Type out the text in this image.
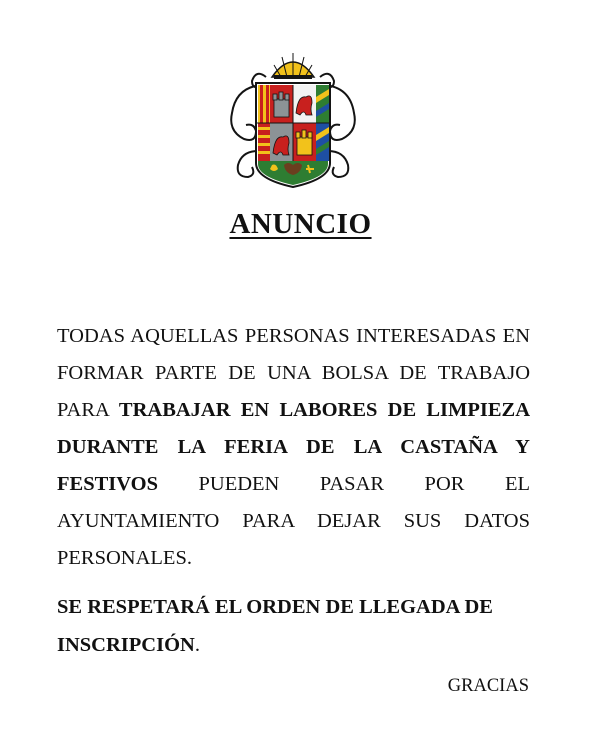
ANUNCIO

TODAS AQUELLAS PERSONAS INTERESADAS EN FORMAR PARTE DE UNA BOLSA DE TRABAJO PARA TRABAJAR EN LABORES DE LIMPIEZA DURANTE LA FERIA DE LA CASTAÑA Y FESTIVOS PUEDEN PASAR POR EL AYUNTAMIENTO PARA DEJAR SUS DATOS PERSONALES.

SE RESPETARÁ EL ORDEN DE LLEGADA DE INSCRIPCIÓN.
GRACIAS
